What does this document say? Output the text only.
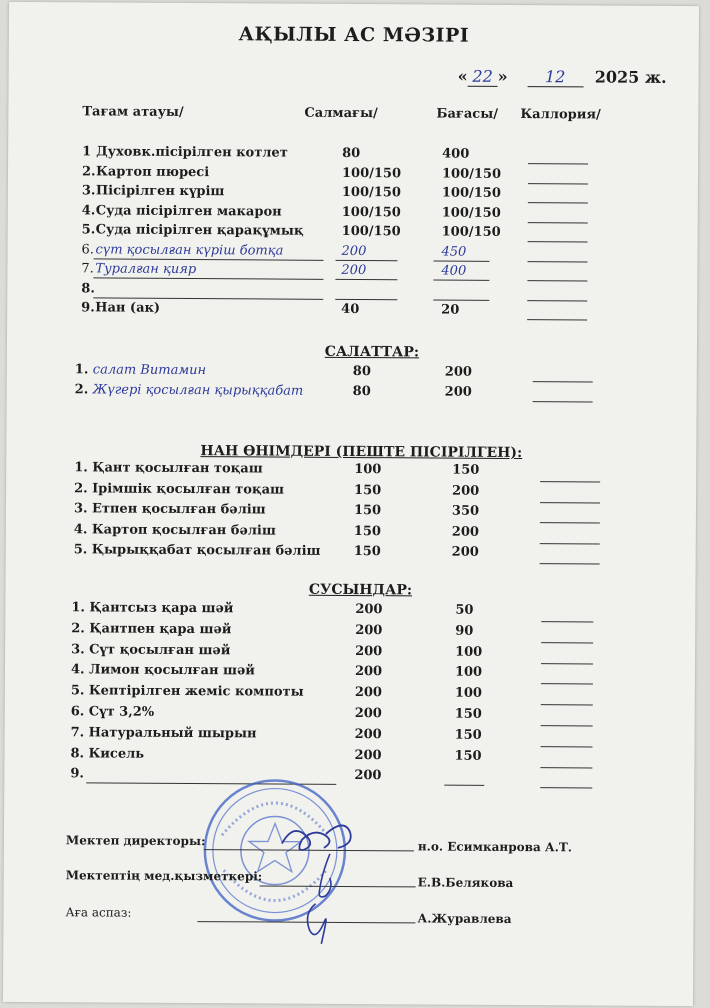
АҚЫЛЫ АС МӘЗІРІ
« 22 » 12 2025 ж.
Тағам атауы/	Салмағы/	Бағасы/ Каллория/
1 Духовк.пісірілген котлет	80	400
2. Картоп пюресі	100/150	100/150
3. Пісірілген күріш	100/150	100/150
4. Суда пісірілген макарон	100/150	100/150
5. Суда пісірілген қарақұмық	100/150	100/150
6. сүт қосылған күріш ботқа	200	450
7. Туралған қияр	200	400
8.
9. Нан (ак)	40	20
САЛАТТАР:
1. салат Витамин	80	200
2. Жүгері қосылған қырыққабат	80	200
НАН ӨНІМДЕРІ (ПЕШТЕ ПІСІРІЛГЕН):
1. Қант қосылған тоқаш	100	150
2. Ірімшік қосылған тоқаш	150	200
3. Етпен қосылған бәліш	150	350
4. Картоп қосылған бәліш	150	200
5. Қырыққабат қосылған бәліш	150	200
СУСЫНДАР:
1. Қантсыз қара шәй	200	50
2. Қантпен қара шәй	200	90
3. Сүт қосылған шәй	200	100
4. Лимон қосылған шәй	200	100
5. Кептірілген жеміс компоты	200	100
6. Сүт 3,2%	200	150
7. Натуральный шырын	200	150
8. Кисель	200	150
9.	200
Мектеп директоры:	н.о. Есимканрова А.Т.
Мектептің мед.қызметкері:	Е.В.Белякова
Аға аспаз:	А.Журавлева
